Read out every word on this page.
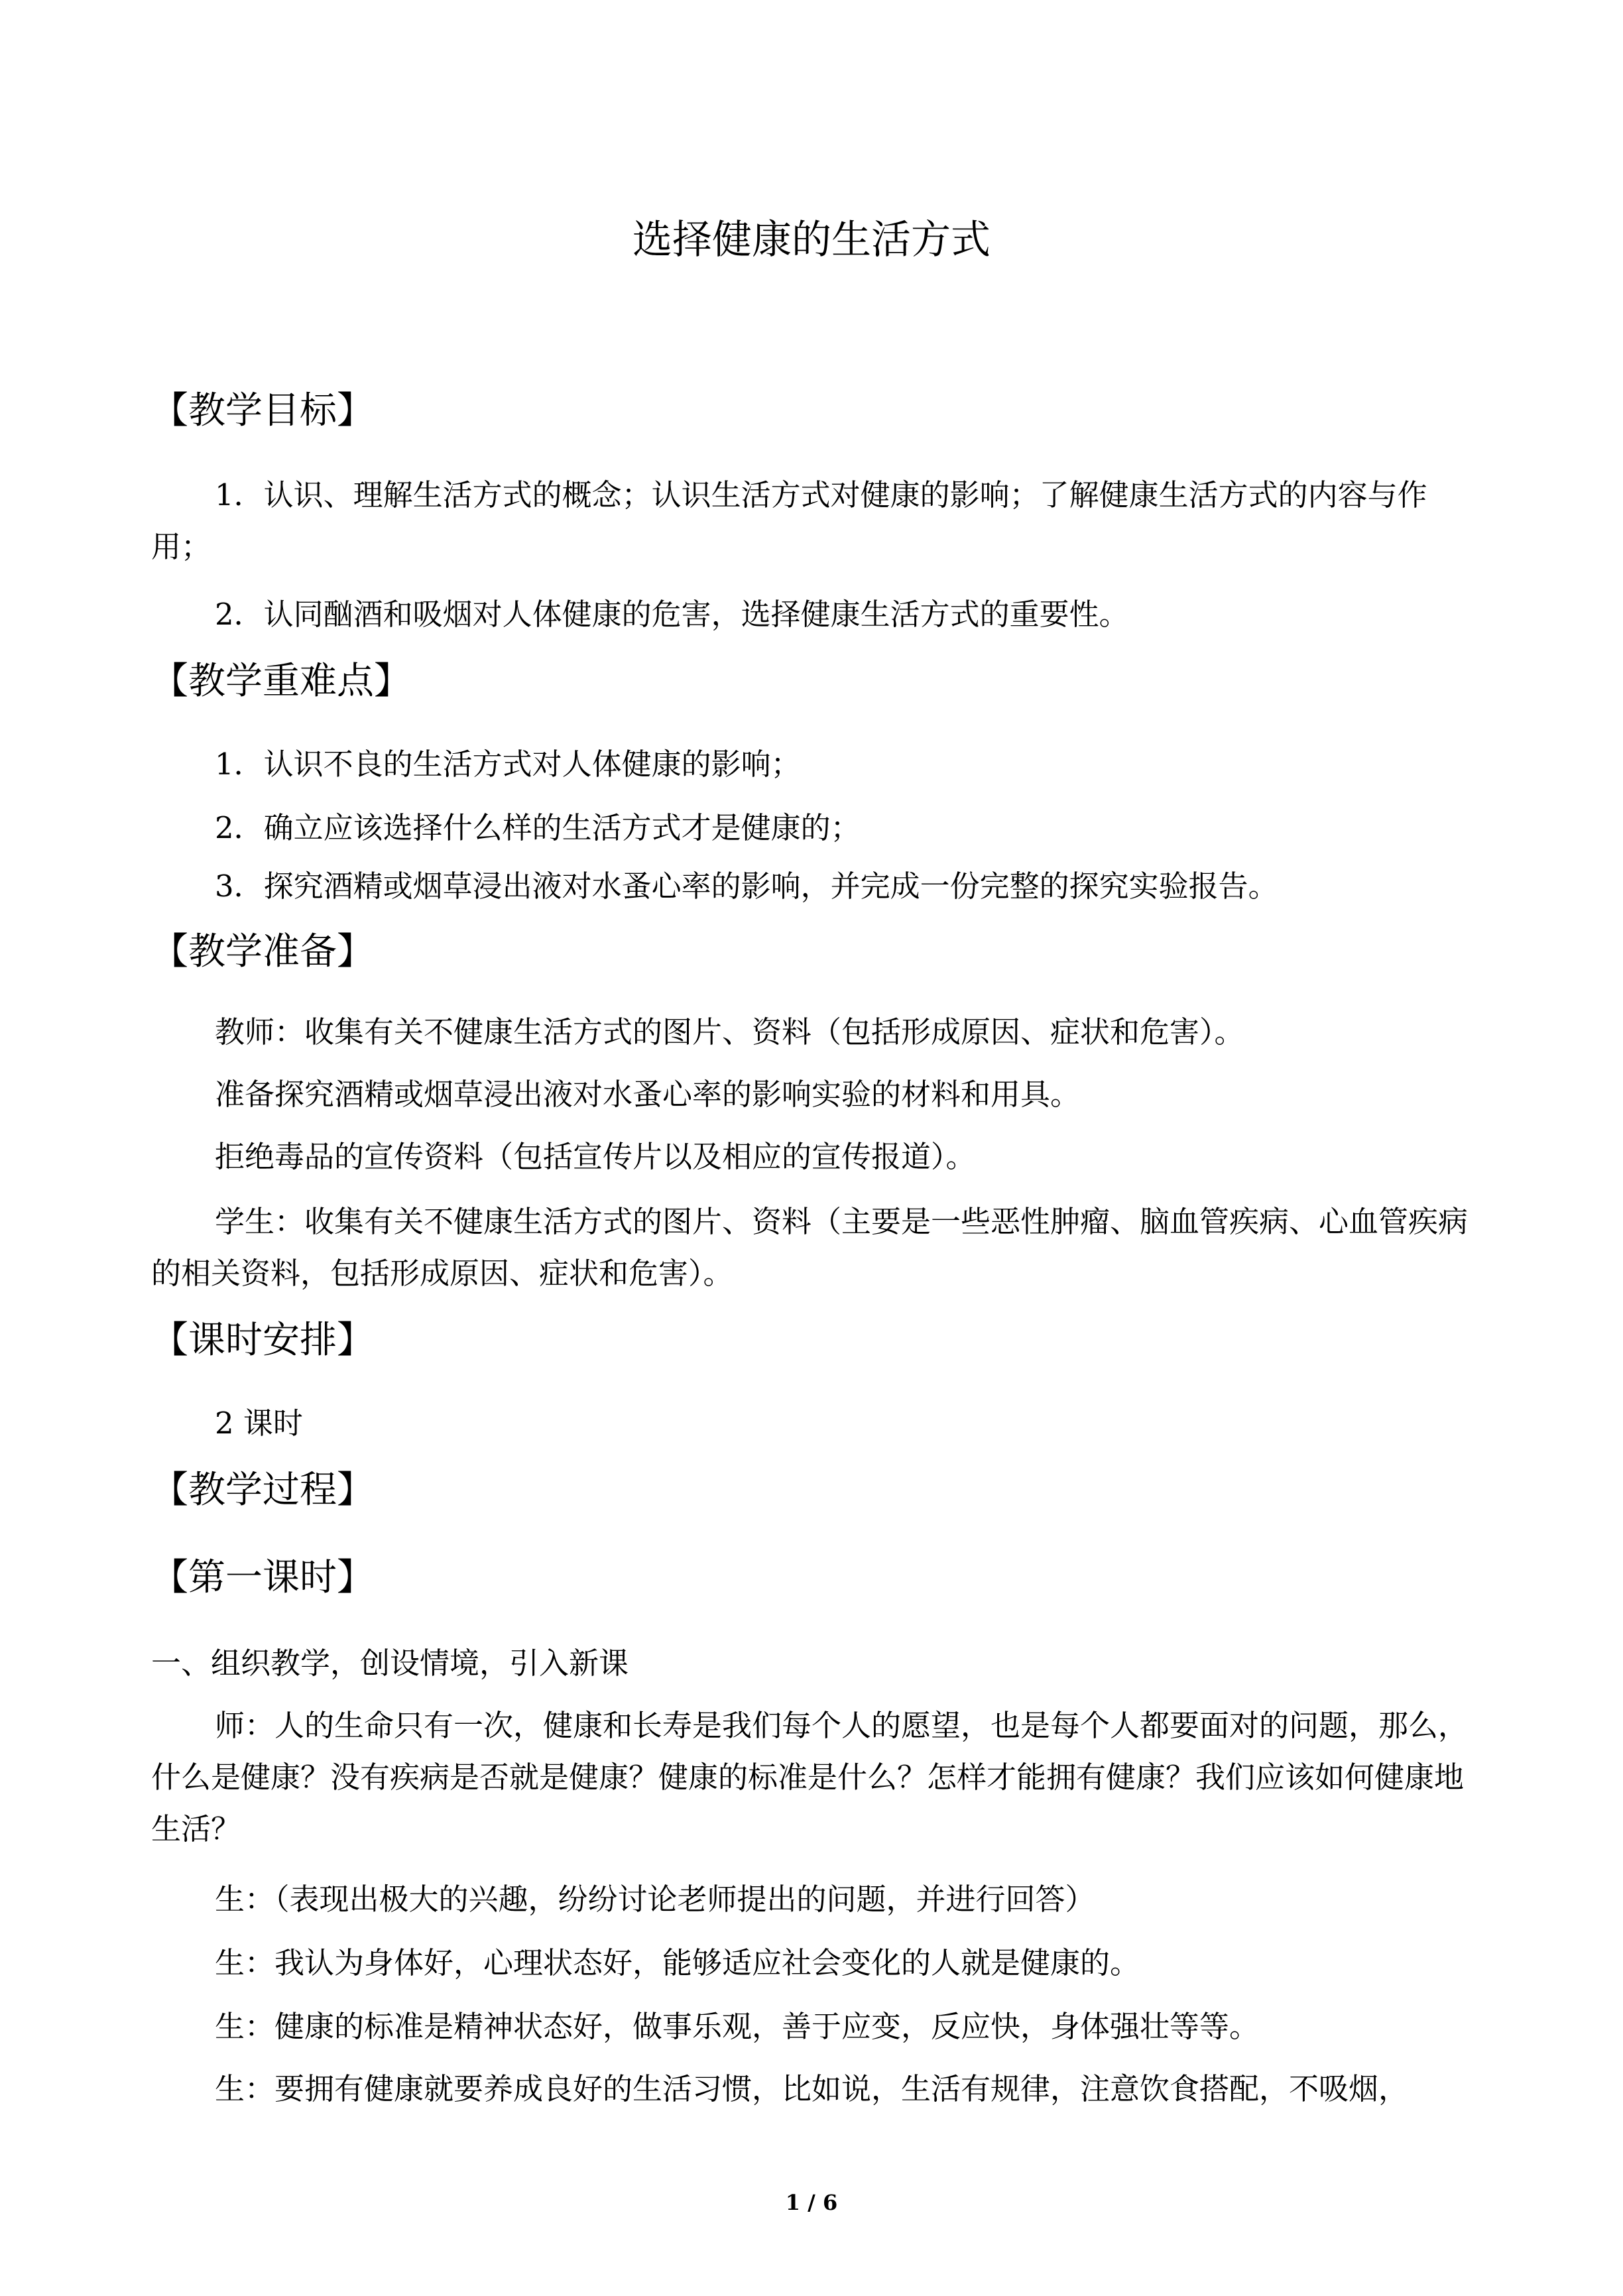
选择健康的生活方式
【教学目标】
1．认识、理解生活方式的概念；认识生活方式对健康的影响；了解健康生活方式的内容与作用；
2．认同酗酒和吸烟对人体健康的危害，选择健康生活方式的重要性。
【教学重难点】
1．认识不良的生活方式对人体健康的影响；
2．确立应该选择什么样的生活方式才是健康的；
3．探究酒精或烟草浸出液对水蚤心率的影响，并完成一份完整的探究实验报告。
【教学准备】
教师：收集有关不健康生活方式的图片、资料（包括形成原因、症状和危害）。
准备探究酒精或烟草浸出液对水蚤心率的影响实验的材料和用具。
拒绝毒品的宣传资料（包括宣传片以及相应的宣传报道）。
学生：收集有关不健康生活方式的图片、资料（主要是一些恶性肿瘤、脑血管疾病、心血管疾病的相关资料，包括形成原因、症状和危害）。
【课时安排】
2 课时
【教学过程】
【第一课时】
一、组织教学，创设情境，引入新课
师：人的生命只有一次，健康和长寿是我们每个人的愿望，也是每个人都要面对的问题，那么，什么是健康？没有疾病是否就是健康？健康的标准是什么？怎样才能拥有健康？我们应该如何健康地生活？
生：（表现出极大的兴趣，纷纷讨论老师提出的问题，并进行回答）
生：我认为身体好，心理状态好，能够适应社会变化的人就是健康的。
生：健康的标准是精神状态好，做事乐观，善于应变，反应快，身体强壮等等。
生：要拥有健康就要养成良好的生活习惯，比如说，生活有规律，注意饮食搭配，不吸烟，
1 / 6
